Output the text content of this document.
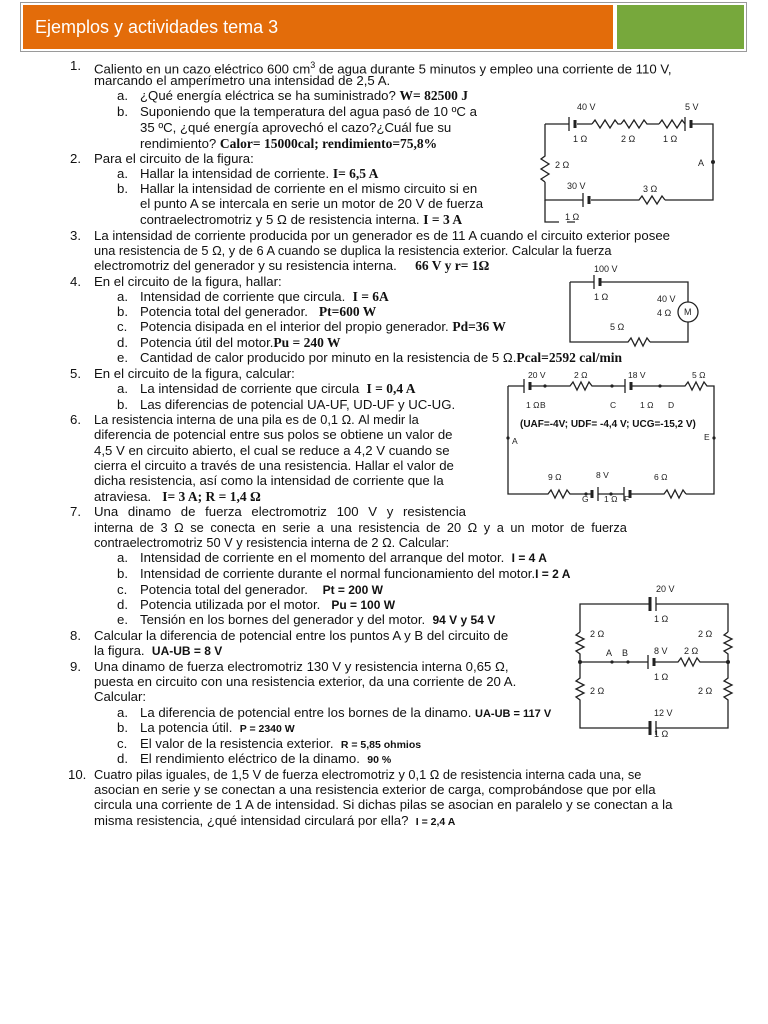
Ejemplos y actividades tema 3
1. Caliento en un cazo eléctrico 600 $cm^3$ de agua durante 5 minutos y empleo una corriente de 110 V,
marcando el amperímetro una intensidad de 2,5 A.
a. ¿Qué energía eléctrica se ha suministrado? W= 82500 J
b. Suponiendo que la temperatura del agua pasó de 10 ºC a
35 ºC, ¿qué energía aprovechó el cazo?¿Cuál fue su
rendimiento? Calor= 15000cal; rendimiento=75,8%
2. Para el circuito de la figura:
a. Hallar la intensidad de corriente. I= 6,5 A
b. Hallar la intensidad de corriente en el mismo circuito si en
el punto A se intercala en serie un motor de 20 V de fuerza
contraelectromotriz y 5 Ω de resistencia interna. I = 3 A
3. La intensidad de corriente producida por un generador es de 11 A cuando el circuito exterior posee
una resistencia de 5 Ω, y de 6 A cuando se duplica la resistencia exterior. Calcular la fuerza
electromotriz del generador y su resistencia interna. 66 V y r= 1Ω
4. En el circuito de la figura, hallar:
a. Intensidad de corriente que circula. I = 6A
b. Potencia total del generador. Pt=600 W
c. Potencia disipada en el interior del propio generador. Pd=36 W
d. Potencia útil del motor.Pu = 240 W
e. Cantidad de calor producido por minuto en la resistencia de 5 Ω.Pcal=2592 cal/min
5. En el circuito de la figura, calcular:
a. La intensidad de corriente que circula I = 0,4 A
b. Las diferencias de potencial UA-UF, UD-UF y UC-UG.
6. La resistencia interna de una pila es de 0,1 Ω. Al medir la
diferencia de potencial entre sus polos se obtiene un valor de
4,5 V en circuito abierto, el cual se reduce a 4,2 V cuando se
cierra el circuito a través de una resistencia. Hallar el valor de
dicha resistencia, así como la intensidad de corriente que la
atraviesa. I= 3 A; R = 1,4 Ω
7. Una dinamo de fuerza electromotriz 100 V y resistencia
interna de 3 Ω se conecta en serie a una resistencia de 20 Ω y a un motor de fuerza
contraelectromotriz 50 V y resistencia interna de 2 Ω. Calcular:
a. Intensidad de corriente en el momento del arranque del motor. I = 4 A
b. Intensidad de corriente durante el normal funcionamiento del motor.I = 2 A
c. Potencia total del generador. Pt = 200 W
d. Potencia utilizada por el motor. Pu = 100 W
e. Tensión en los bornes del generador y del motor. 94 V y 54 V
8. Calcular la diferencia de potencial entre los puntos A y B del circuito de
la figura. UA-UB = 8 V
9. Una dinamo de fuerza electromotriz 130 V y resistencia interna 0,65 Ω,
puesta en circuito con una resistencia exterior, da una corriente de 20 A.
Calcular:
a. La diferencia de potencial entre los bornes de la dinamo. UA-UB = 117 V
b. La potencia útil. P = 2340 W
c. El valor de la resistencia exterior. R = 5,85 ohmios
d. El rendimiento eléctrico de la dinamo. 90 %
10. Cuatro pilas iguales, de 1,5 V de fuerza electromotriz y 0,1 Ω de resistencia interna cada una, se
asocian en serie y se conectan a una resistencia exterior de carga, comprobándose que por ella
circula una corriente de 1 A de intensidad. Si dichas pilas se asocian en paralelo y se conectan a la
misma resistencia, ¿qué intensidad circulará por ella? I = 2,4 A
40 V	5 V
1 Ω	2 Ω	1 Ω
2 Ω	A
30 V	3 Ω
1 Ω
100 V
1 Ω	40 V
4 Ω M
5 Ω
20 V	2 Ω	18 V	5 Ω
1 Ω B	C	1 Ω D
A	E
9 Ω	8 V	6 Ω
G 1 Ω F
(UAF=-4V; UDF= -4,4 V; UCG=-15,2 V)
20 V
1 Ω
2 Ω	2 Ω
A B	8 V 2 Ω
1 Ω
2 Ω	2 Ω
12 V
1 Ω
